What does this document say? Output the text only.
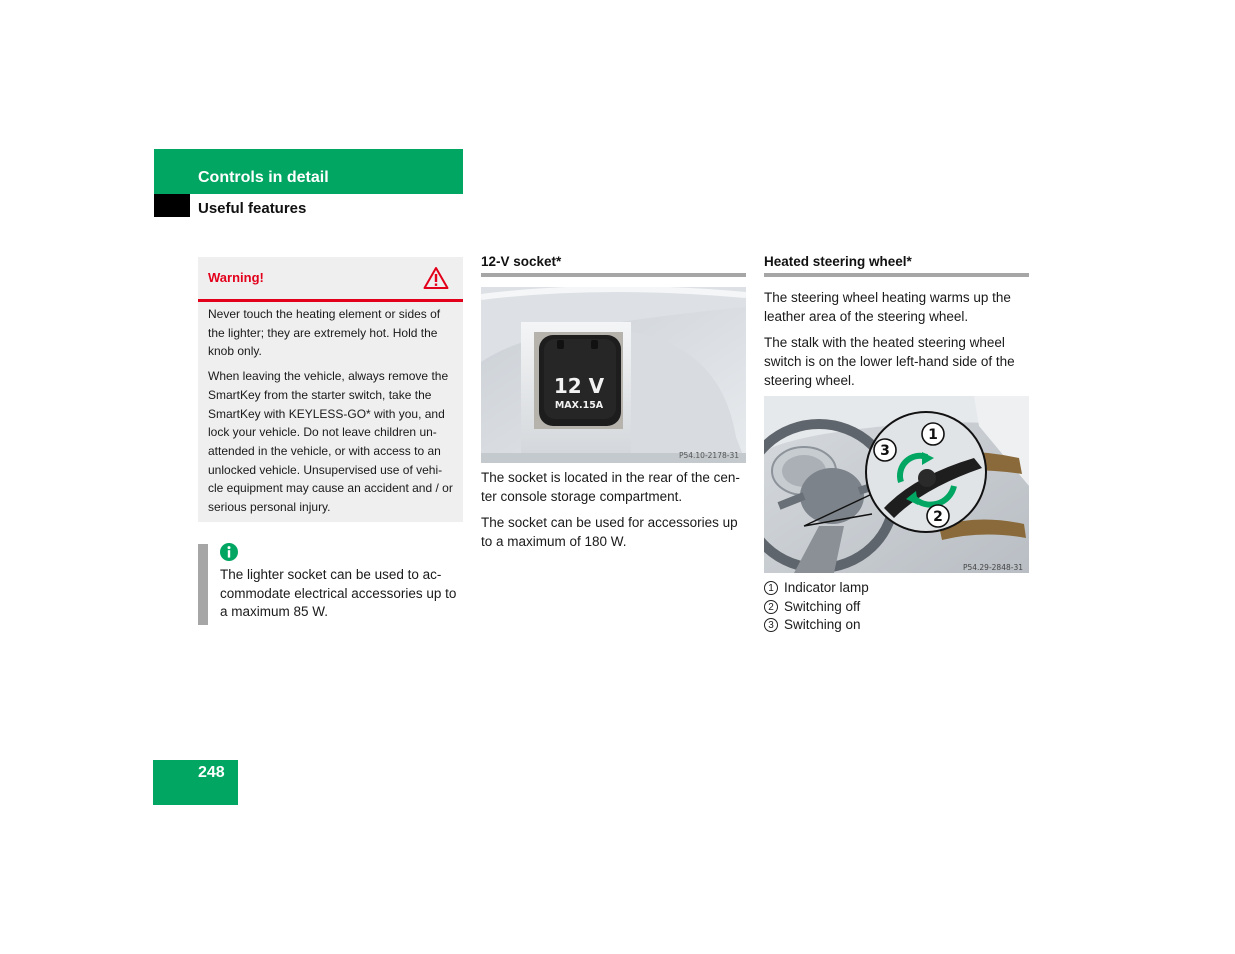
Controls in detail
Useful features
Warning!

Never touch the heating element or sides of the lighter; they are extremely hot. Hold the knob only.

When leaving the vehicle, always remove the SmartKey from the starter switch, take the SmartKey with KEYLESS-GO* with you, and lock your vehicle. Do not leave children un-attended in the vehicle, or with access to an unlocked vehicle. Unsupervised use of vehi-cle equipment may cause an accident and / or serious personal injury.

The lighter socket can be used to ac-commodate electrical accessories up to a maximum 85 W.
12-V socket*
12 V
MAX.15A
P54.10-2178-31

The socket is located in the rear of the cen-ter console storage compartment.

The socket can be used for accessories up to a maximum of 180 W.

Heated steering wheel*

The steering wheel heating warms up the leather area of the steering wheel.

The stalk with the heated steering wheel switch is on the lower left-hand side of the steering wheel.

1
2
3
P54.29-2848-31
1 Indicator lamp
2 Switching off
3 Switching on
248
